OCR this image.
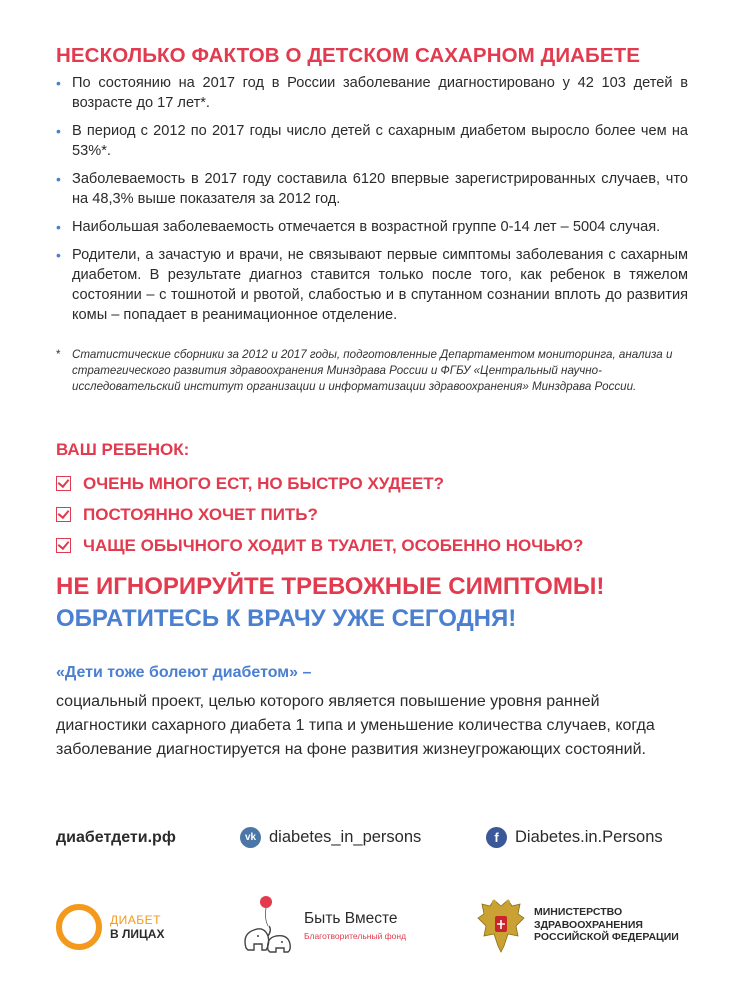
НЕСКОЛЬКО ФАКТОВ О ДЕТСКОМ САХАРНОМ ДИАБЕТЕ
• По состоянию на 2017 год в России заболевание диагностировано у 42 103 детей в возрасте до 17 лет*.
• В период с 2012 по 2017 годы число детей с сахарным диабетом выросло более чем на 53%*.
• Заболеваемость в 2017 году составила 6120 впервые зарегистрированных случаев, что на 48,3% выше показателя за 2012 год.
• Наибольшая заболеваемость отмечается в возрастной группе 0-14 лет – 5004 случая.
• Родители, а зачастую и врачи, не связывают первые симптомы заболевания с сахарным диабетом. В результате диагноз ставится только после того, как ребенок в тяжелом состоянии – с тошнотой и рвотой, слабостью и в спутанном сознании вплоть до развития комы – попадает в реанимационное отделение.
* Статистические сборники за 2012 и 2017 годы, подготовленные Департаментом мониторинга, анализа и стратегического развития здравоохранения Минздрава России и ФГБУ «Центральный научно-исследовательский институт организации и информатизации здравоохранения» Минздрава России.
ВАШ РЕБЕНОК:
ОЧЕНЬ МНОГО ЕСТ, НО БЫСТРО ХУДЕЕТ?
ПОСТОЯННО ХОЧЕТ ПИТЬ?
ЧАЩЕ ОБЫЧНОГО ХОДИТ В ТУАЛЕТ, ОСОБЕННО НОЧЬЮ?
НЕ ИГНОРИРУЙТЕ ТРЕВОЖНЫЕ СИМПТОМЫ!
ОБРАТИТЕСЬ К ВРАЧУ УЖЕ СЕГОДНЯ!
«Дети тоже болеют диабетом» –
социальный проект, целью которого является повышение уровня ранней диагностики сахарного диабета 1 типа и уменьшение количества случаев, когда заболевание диагностируется на фоне развития жизнеугрожающих состояний.
диабетдети.рф	vk diabetes_in_persons	f Diabetes.in.Persons
ДИАБЕТ
В ЛИЦАХ
Быть Вместе
Благотворительный фонд
МИНИСТЕРСТВО
ЗДРАВООХРАНЕНИЯ
РОССИЙСКОЙ ФЕДЕРАЦИИ
